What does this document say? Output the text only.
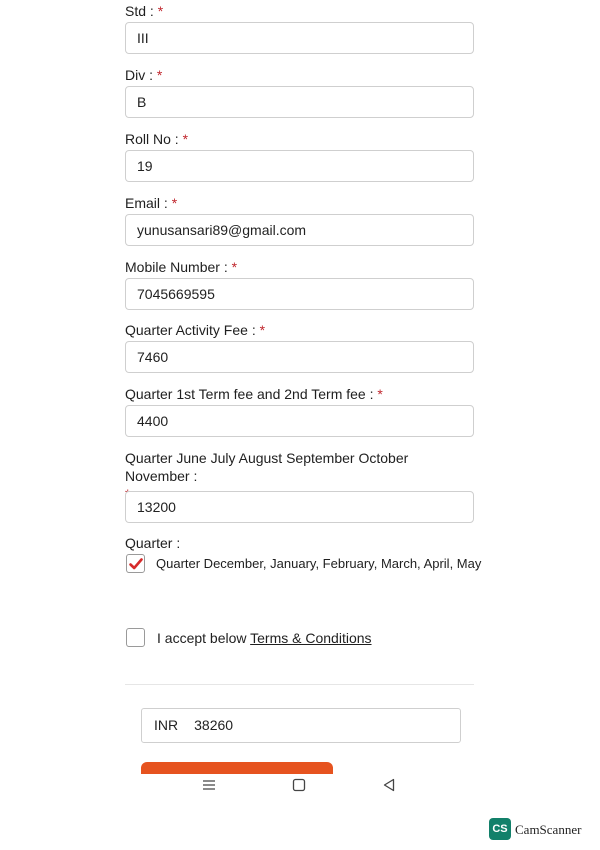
Std : *
III
Div : *
B
Roll No : *
19
Email : *
yunusansari89@gmail.com
Mobile Number : *
7045669595
Quarter Activity Fee : *
7460
Quarter 1st Term fee and 2nd Term fee : *
4400
Quarter June July August September October November :

13200
Quarter :
Quarter December, January, February, March, April, May
I accept below Terms & Conditions
INR 38260
CS CamScanner
